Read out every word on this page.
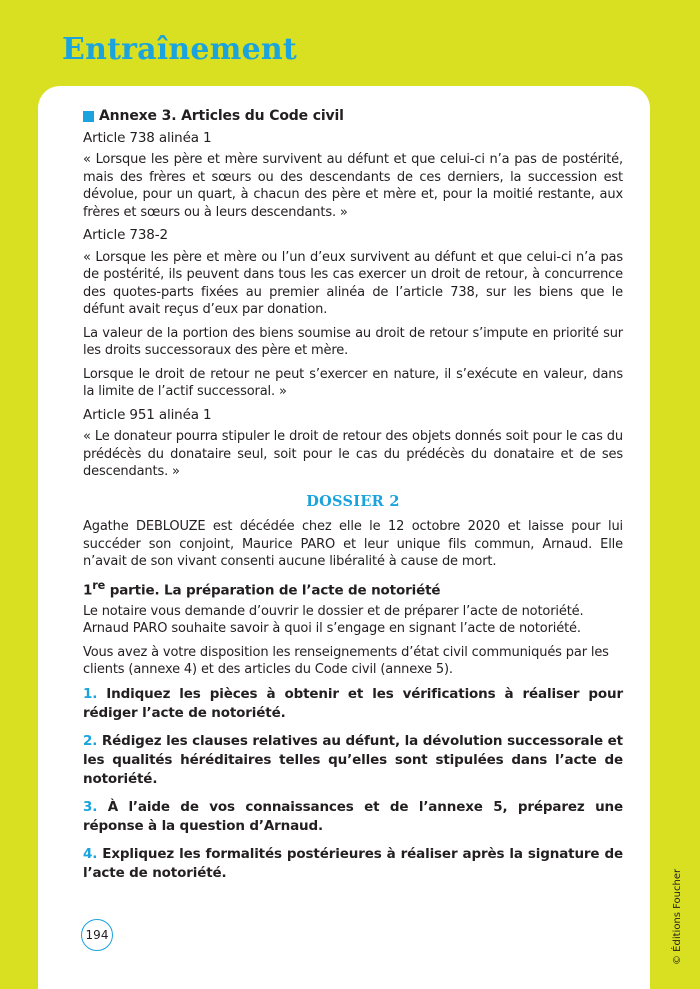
Entraînement
Annexe 3. Articles du Code civil
Article 738 alinéa 1

« Lorsque les père et mère survivent au défunt et que celui-ci n’a pas de postérité, mais des frères et sœurs ou des descendants de ces derniers, la succession est dévolue, pour un quart, à chacun des père et mère et, pour la moitié restante, aux frères et sœurs ou à leurs descendants. »

Article 738-2

« Lorsque les père et mère ou l’un d’eux survivent au défunt et que celui-ci n’a pas de postérité, ils peuvent dans tous les cas exercer un droit de retour, à concurrence des quotes-parts fixées au premier alinéa de l’article 738, sur les biens que le défunt avait reçus d’eux par donation.

La valeur de la portion des biens soumise au droit de retour s’impute en priorité sur les droits successoraux des père et mère.

Lorsque le droit de retour ne peut s’exercer en nature, il s’exécute en valeur, dans la limite de l’actif successoral. »

Article 951 alinéa 1

« Le donateur pourra stipuler le droit de retour des objets donnés soit pour le cas du prédécès du donataire seul, soit pour le cas du prédécès du donataire et de ses descendants. »

DOSSIER 2

Agathe DEBLOUZE est décédée chez elle le 12 octobre 2020 et laisse pour lui succéder son conjoint, Maurice PARO et leur unique fils commun, Arnaud. Elle n’avait de son vivant consenti aucune libéralité à cause de mort.

1re partie. La préparation de l’acte de notoriété

Le notaire vous demande d’ouvrir le dossier et de préparer l’acte de notoriété. Arnaud PARO souhaite savoir à quoi il s’engage en signant l’acte de notoriété.

Vous avez à votre disposition les renseignements d’état civil communiqués par les clients (annexe 4) et des articles du Code civil (annexe 5).

1. Indiquez les pièces à obtenir et les vérifications à réaliser pour rédiger l’acte de notoriété.
2. Rédigez les clauses relatives au défunt, la dévolution successorale et les qualités héréditaires telles qu’elles sont stipulées dans l’acte de notoriété.
3. À l’aide de vos connaissances et de l’annexe 5, préparez une réponse à la question d’Arnaud.
4. Expliquez les formalités postérieures à réaliser après la signature de l’acte de notoriété.
194	© Éditions Foucher
